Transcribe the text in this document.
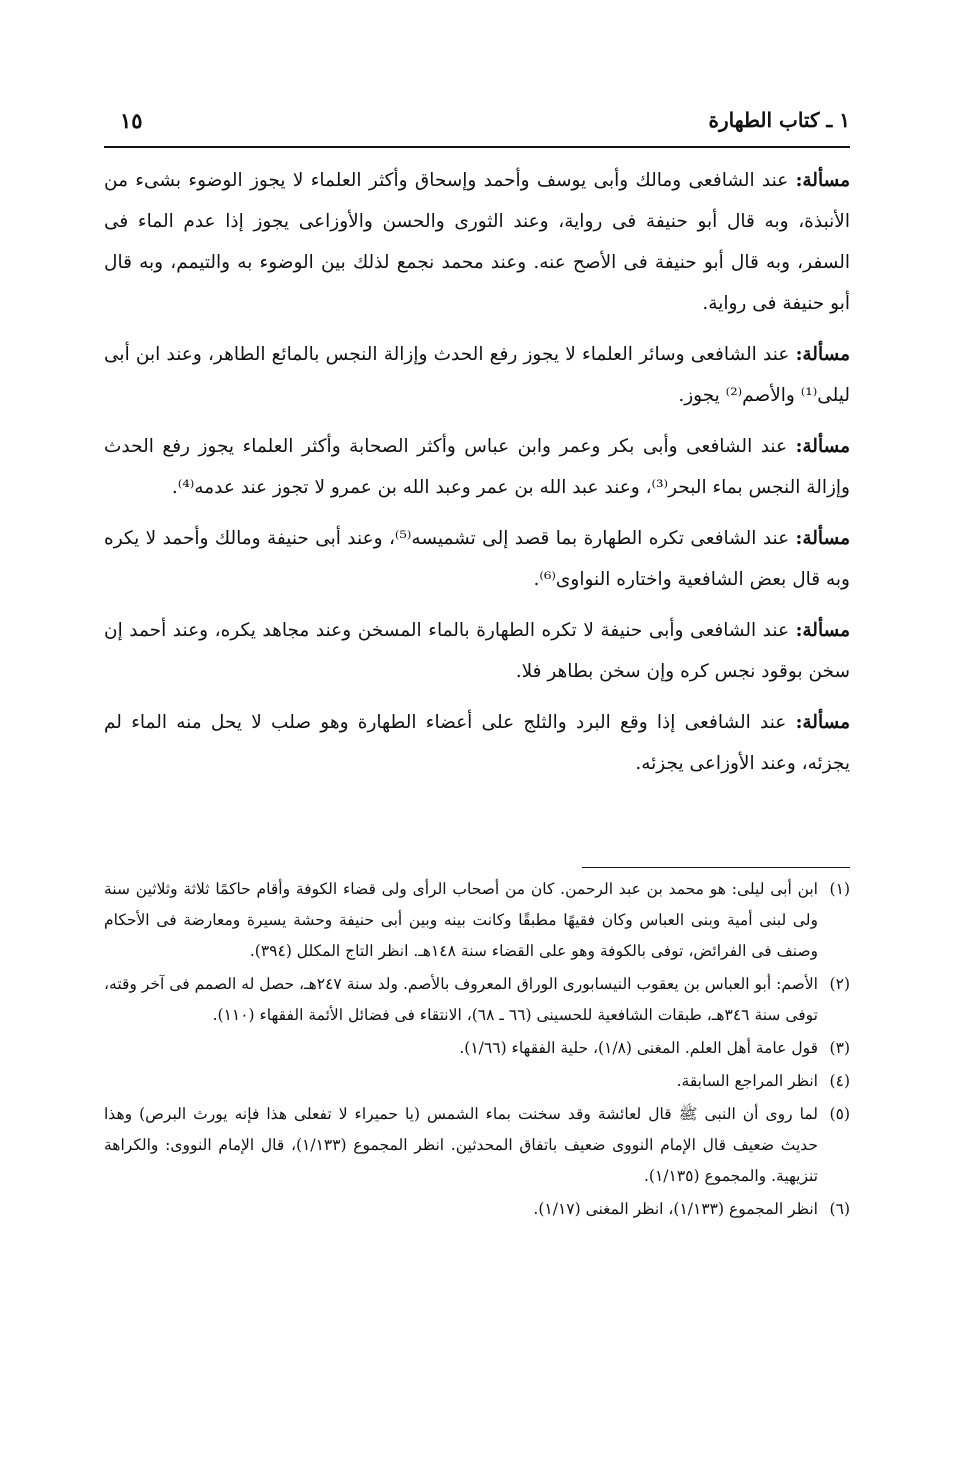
١ ـ كتاب الطهارة
١٥

مسألة: عند الشافعى ومالك وأبى يوسف وأحمد وإسحاق وأكثر العلماء لا يجوز الوضوء بشىء من الأنبذة، وبه قال أبو حنيفة فى رواية، وعند الثورى والحسن والأوزاعى يجوز إذا عدم الماء فى السفر، وبه قال أبو حنيفة فى الأصح عنه. وعند محمد نجمع لذلك بين الوضوء به والتيمم، وبه قال أبو حنيفة فى رواية.

مسألة: عند الشافعى وسائر العلماء لا يجوز رفع الحدث وإزالة النجس بالمائع الطاهر، وعند ابن أبى ليلى⁽¹⁾ والأصم⁽²⁾ يجوز.

مسألة: عند الشافعى وأبى بكر وعمر وابن عباس وأكثر الصحابة وأكثر العلماء يجوز رفع الحدث وإزالة النجس بماء البحر⁽³⁾، وعند عبد الله بن عمر وعبد الله بن عمرو لا تجوز عند عدمه⁽⁴⁾.

مسألة: عند الشافعى تكره الطهارة بما قصد إلى تشميسه⁽⁵⁾، وعند أبى حنيفة ومالك وأحمد لا يكره وبه قال بعض الشافعية واختاره النواوى⁽⁶⁾.

مسألة: عند الشافعى وأبى حنيفة لا تكره الطهارة بالماء المسخن وعند مجاهد يكره، وعند أحمد إن سخن بوقود نجس كره وإن سخن بطاهر فلا.

مسألة: عند الشافعى إذا وقع البرد والثلج على أعضاء الطهارة وهو صلب لا يحل منه الماء لم يجزئه، وعند الأوزاعى يجزئه.

(١)
ابن أبى ليلى: هو محمد بن عبد الرحمن. كان من أصحاب الرأى ولى قضاء الكوفة وأقام حاكمًا ثلاثة وثلاثين سنة ولى لبنى أمية وبنى العباس وكان فقيهًا مطبقًا وكانت بينه وبين أبى حنيفة وحشة يسيرة ومعارضة فى الأحكام وصنف فى الفرائض، توفى بالكوفة وهو على القضاء سنة ١٤٨هـ. انظر التاج المكلل (٣٩٤).

(٢)
الأصم: أبو العباس بن يعقوب النيسابورى الوراق المعروف بالأصم. ولد سنة ٢٤٧هـ، حصل له الصمم فى آخر وقته، توفى سنة ٣٤٦هـ، طبقات الشافعية للحسينى (٦٦ ـ ٦٨)، الانتقاء فى فضائل الأئمة الفقهاء (١١٠).

(٣)
قول عامة أهل العلم. المغنى (١/٨)، حلية الفقهاء (١/٦٦).

(٤)
انظر المراجع السابقة.

(٥)
لما روى أن النبى ﷺ قال لعائشة وقد سخنت بماء الشمس (يا حميراء لا تفعلى هذا فإنه يورث البرص) وهذا حديث ضعيف قال الإمام النووى ضعيف باتفاق المحدثين. انظر المجموع (١/١٣٣)، قال الإمام النووى: والكراهة تنزيهية. والمجموع (١/١٣٥).

(٦)
انظر المجموع (١/١٣٣)، انظر المغنى (١/١٧).
